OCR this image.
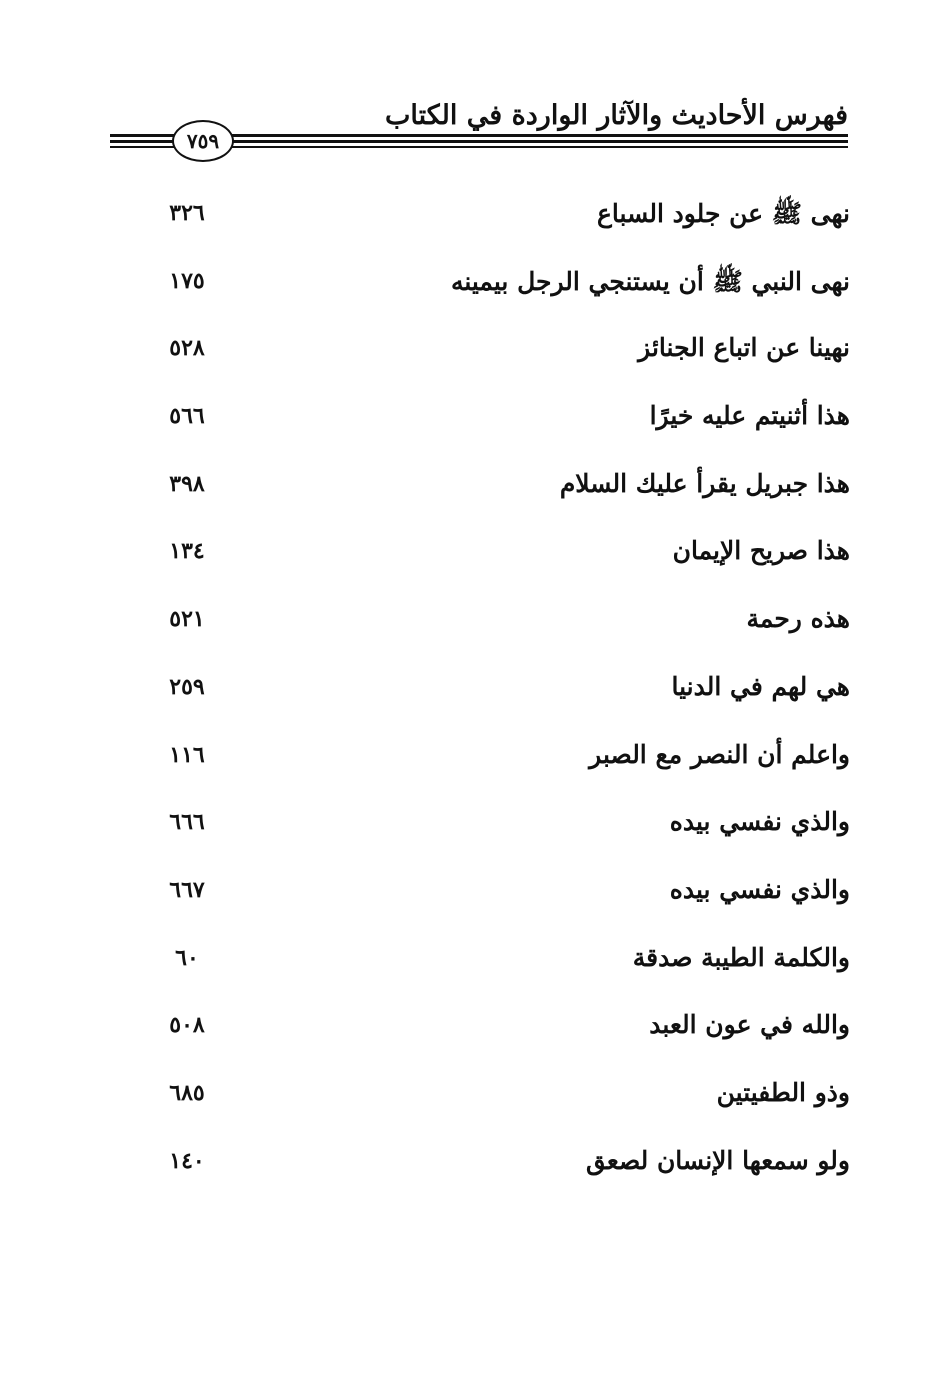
فهرس الأحاديث والآثار الواردة في الكتاب
٧٥٩
نهى ﷺ عن جلود السباع
٣٢٦
نهى النبي ﷺ أن يستنجي الرجل بيمينه
١٧٥
نهينا عن اتباع الجنائز
٥٢٨
هذا أثنيتم عليه خيرًا
٥٦٦
هذا جبريل يقرأ عليك السلام
٣٩٨
هذا صريح الإيمان
١٣٤
هذه رحمة
٥٢١
هي لهم في الدنيا
٢٥٩
واعلم أن النصر مع الصبر
١١٦
والذي نفسي بيده
٦٦٦
والذي نفسي بيده
٦٦٧
والكلمة الطيبة صدقة
٦٠
والله في عون العبد
٥٠٨
وذو الطفيتين
٦٨٥
ولو سمعها الإنسان لصعق
١٤٠
